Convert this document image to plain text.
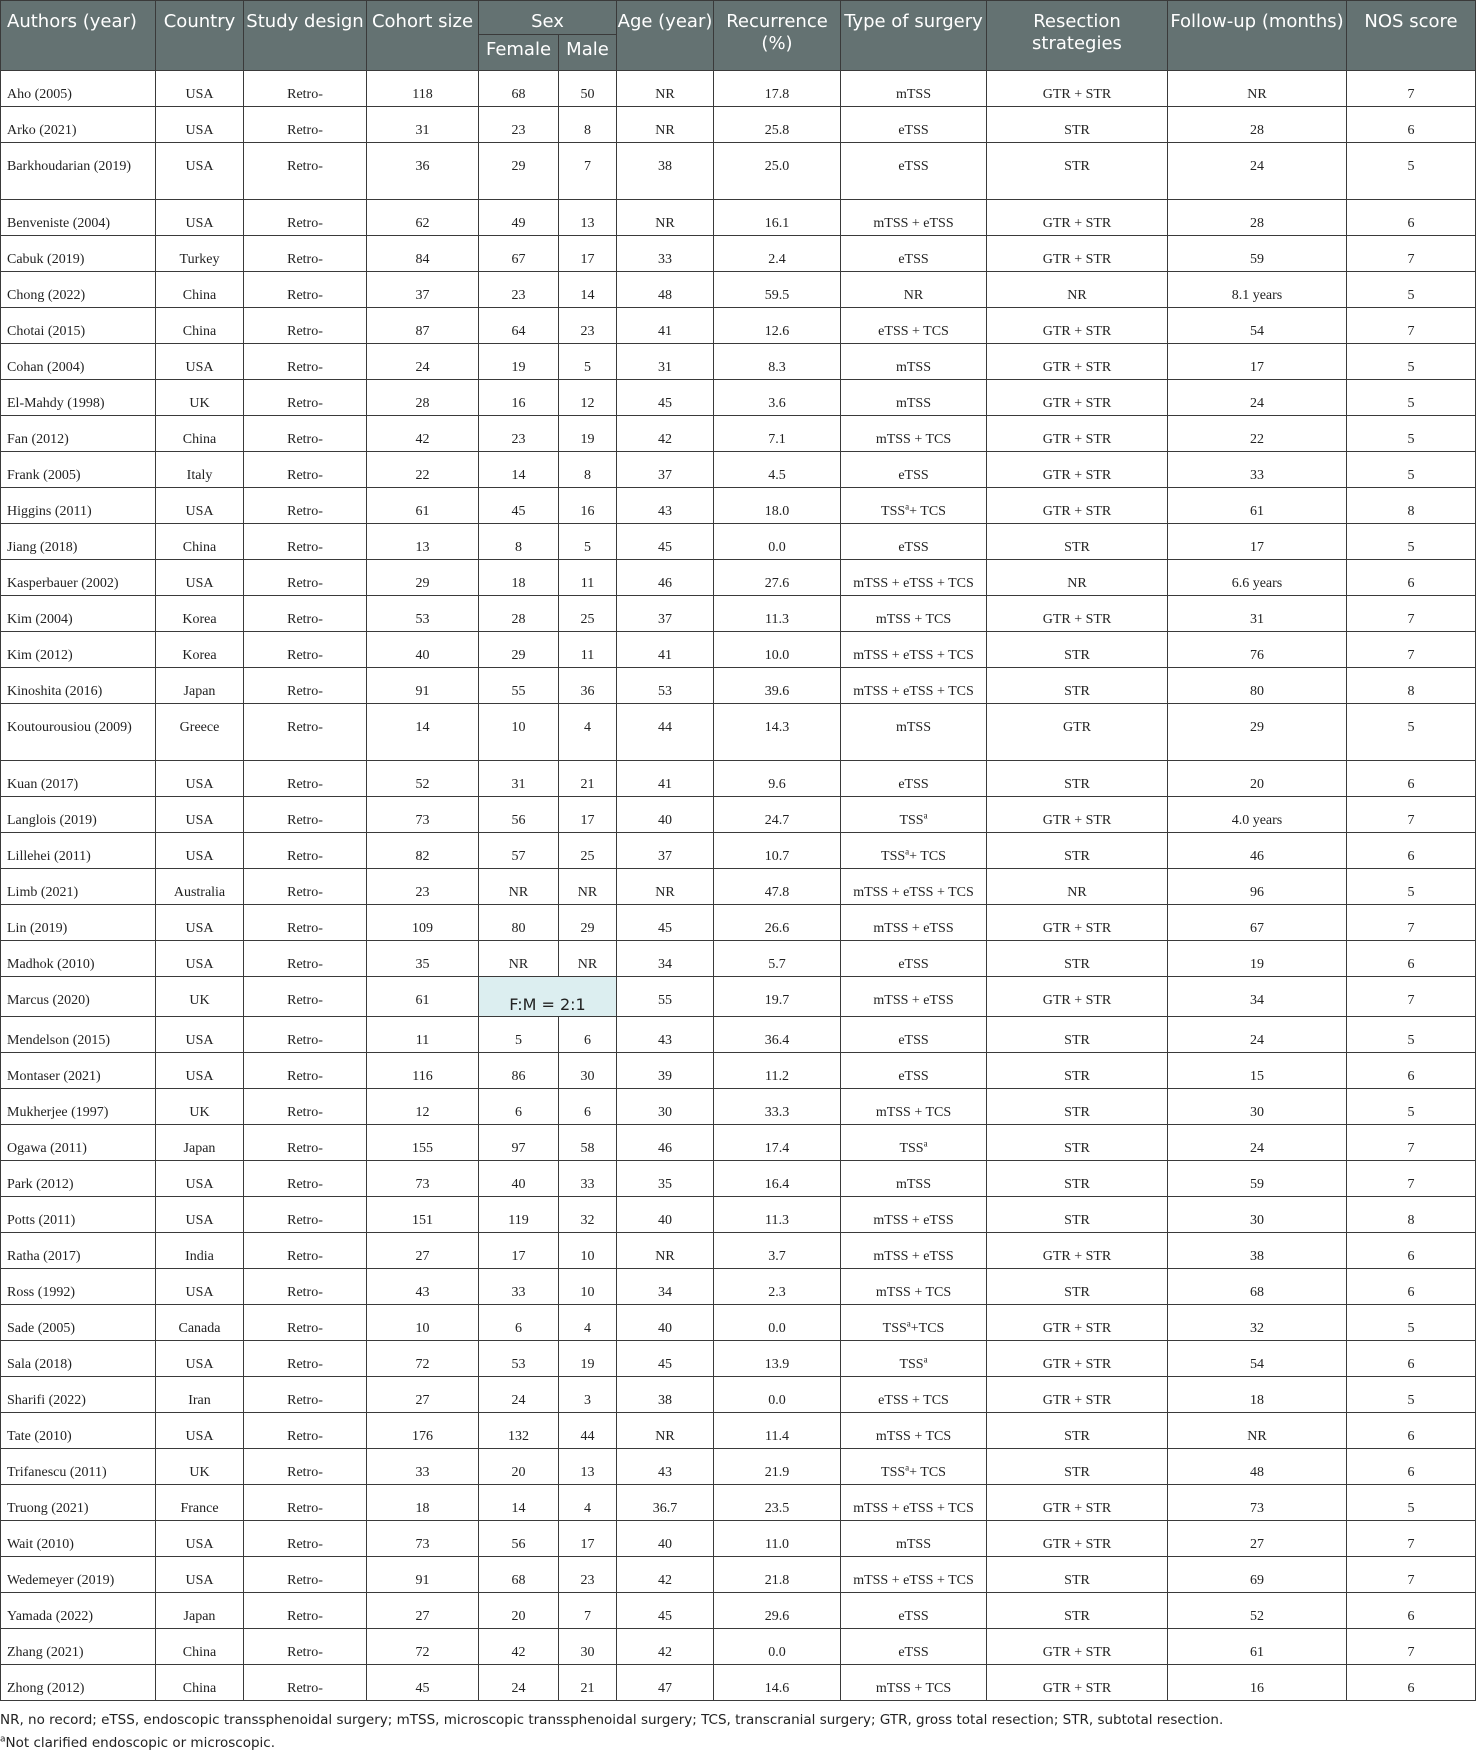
Authors (year)	Country	Study design	Cohort size	Sex		Age (year)	Recurrence (%)	Type of surgery	Resection strategies	Follow-up (months)	NOS score
				Female	Male						
Aho (2005)	USA	Retro-	118	68	50	NR	17.8	mTSS	GTR + STR	NR	7
Arko (2021)	USA	Retro-	31	23	8	NR	25.8	eTSS	STR	28	6
Barkhoudarian (2019)	USA	Retro-	36	29	7	38	25.0	eTSS	STR	24	5
Benveniste (2004)	USA	Retro-	62	49	13	NR	16.1	mTSS + eTSS	GTR + STR	28	6
Cabuk (2019)	Turkey	Retro-	84	67	17	33	2.4	eTSS	GTR + STR	59	7
Chong (2022)	China	Retro-	37	23	14	48	59.5	NR	NR	8.1 years	5
Chotai (2015)	China	Retro-	87	64	23	41	12.6	eTSS + TCS	GTR + STR	54	7
Cohan (2004)	USA	Retro-	24	19	5	31	8.3	mTSS	GTR + STR	17	5
El-Mahdy (1998)	UK	Retro-	28	16	12	45	3.6	mTSS	GTR + STR	24	5
Fan (2012)	China	Retro-	42	23	19	42	7.1	mTSS + TCS	GTR + STR	22	5
Frank (2005)	Italy	Retro-	22	14	8	37	4.5	eTSS	GTR + STR	33	5
Higgins (2011)	USA	Retro-	61	45	16	43	18.0	$TSS^a+$ TCS	GTR + STR	61	8
Jiang (2018)	China	Retro-	13	8	5	45	0.0	eTSS	STR	17	5
Kasperbauer (2002)	USA	Retro-	29	18	11	46	27.6	mTSS + eTSS + TCS	NR	6.6 years	6
Kim (2004)	Korea	Retro-	53	28	25	37	11.3	mTSS + TCS	GTR + STR	31	7
Kim (2012)	Korea	Retro-	40	29	11	41	10.0	mTSS + eTSS + TCS	STR	76	7
Kinoshita (2016)	Japan	Retro-	91	55	36	53	39.6	mTSS + eTSS + TCS	STR	80	8
Koutourousiou (2009)	Greece	Retro-	14	10	4	44	14.3	mTSS	GTR	29	5
Kuan (2017)	USA	Retro-	52	31	21	41	9.6	eTSS	STR	20	6
Langlois (2019)	USA	Retro-	73	56	17	40	24.7	TSS$^a$	GTR + STR	4.0 years	7
Lillehei (2011)	USA	Retro-	82	57	25	37	10.7	$TSS^a+$ TCS	STR	46	6
Limb (2021)	Australia	Retro-	23	NR	NR	NR	47.8	mTSS + eTSS + TCS	NR	96	5
Lin (2019)	USA	Retro-	109	80	29	45	26.6	mTSS + eTSS	GTR + STR	67	7
Madhok (2010)	USA	Retro-	35	NR	NR	34	5.7	eTSS	STR	19	6
Marcus (2020)	UK	Retro-	61	F:M = 2:1		55	19.7	mTSS + eTSS	GTR + STR	34	7
Mendelson (2015)	USA	Retro-	11	5	6	43	36.4	eTSS	STR	24	5
Montaser (2021)	USA	Retro-	116	86	30	39	11.2	eTSS	STR	15	6
Mukherjee (1997)	UK	Retro-	12	6	6	30	33.3	mTSS + TCS	STR	30	5
Ogawa (2011)	Japan	Retro-	155	97	58	46	17.4	TSS$^a$	STR	24	7
Park (2012)	USA	Retro-	73	40	33	35	16.4	mTSS	STR	59	7
Potts (2011)	USA	Retro-	151	119	32	40	11.3	mTSS + eTSS	STR	30	8
Ratha (2017)	India	Retro-	27	17	10	NR	3.7	mTSS + eTSS	GTR + STR	38	6
Ross (1992)	USA	Retro-	43	33	10	34	2.3	mTSS + TCS	STR	68	6
Sade (2005)	Canada	Retro-	10	6	4	40	0.0	$TSS^a+TCS$	GTR + STR	32	5
Sala (2018)	USA	Retro-	72	53	19	45	13.9	TSS$^a$	GTR + STR	54	6
Sharifi (2022)	Iran	Retro-	27	24	3	38	0.0	eTSS + TCS	GTR + STR	18	5
Tate (2010)	USA	Retro-	176	132	44	NR	11.4	mTSS + TCS	STR	NR	6
Trifanescu (2011)	UK	Retro-	33	20	13	43	21.9	$TSS^a+$ TCS	STR	48	6
Truong (2021)	France	Retro-	18	14	4	36.7	23.5	mTSS + eTSS + TCS	GTR + STR	73	5
Wait (2010)	USA	Retro-	73	56	17	40	11.0	mTSS	GTR + STR	27	7
Wedemeyer (2019)	USA	Retro-	91	68	23	42	21.8	mTSS + eTSS + TCS	STR	69	7
Yamada (2022)	Japan	Retro-	27	20	7	45	29.6	eTSS	STR	52	6
Zhang (2021)	China	Retro-	72	42	30	42	0.0	eTSS	GTR + STR	61	7
Zhong (2012)	China	Retro-	45	24	21	47	14.6	mTSS + TCS	GTR + STR	16	6
NR, no record; eTSS, endoscopic transsphenoidal surgery; mTSS, microscopic transsphenoidal surgery; TCS, transcranial surgery; GTR, gross total resection; STR, subtotal resection.
$^a$Not clarified endoscopic or microscopic.
